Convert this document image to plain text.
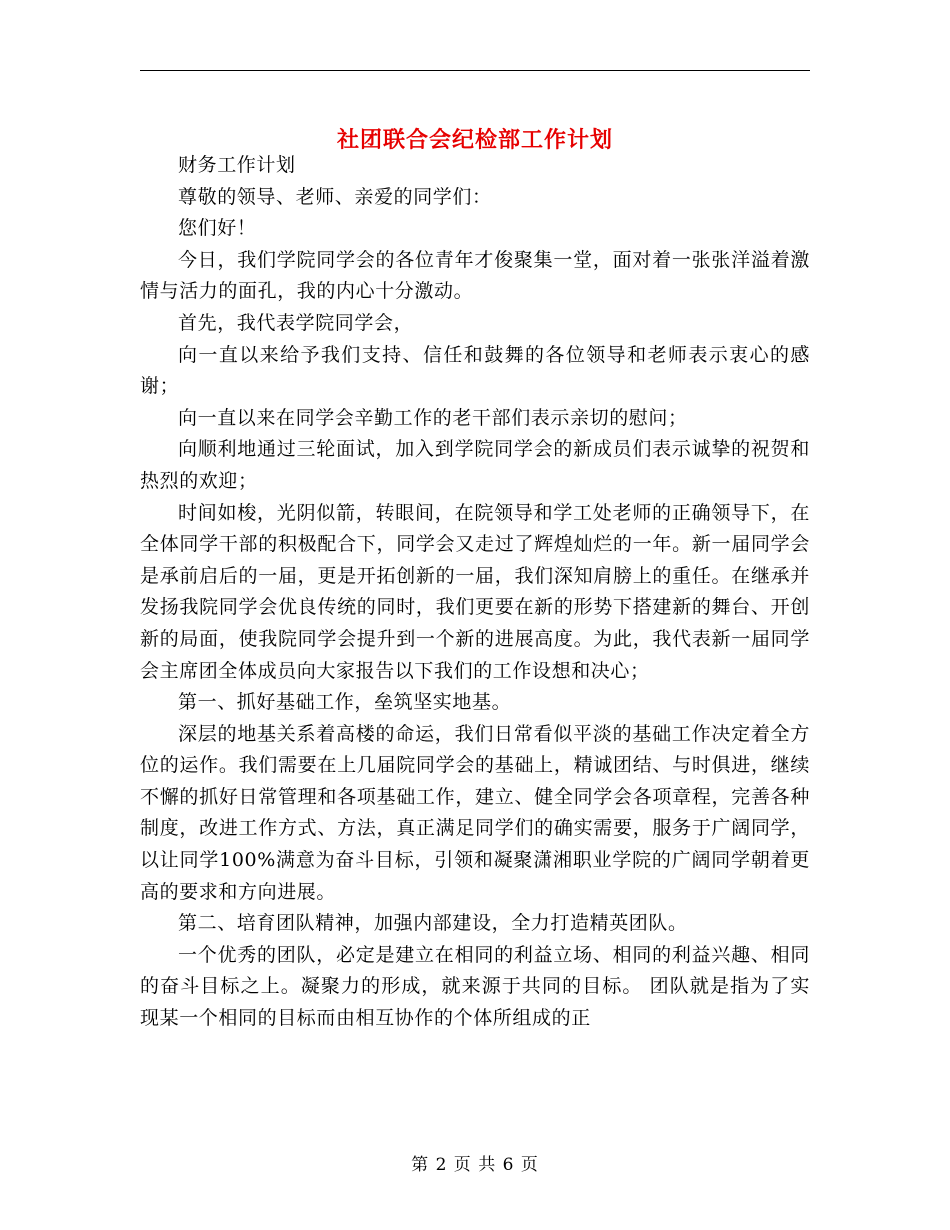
社团联合会纪检部工作计划

财务工作计划

尊敬的领导、老师、亲爱的同学们：

您们好！

今日，我们学院同学会的各位青年才俊聚集一堂，面对着一张张洋溢着激情与活力的面孔，我的内心十分激动。

首先，我代表学院同学会，

向一直以来给予我们支持、信任和鼓舞的各位领导和老师表示衷心的感谢；

向一直以来在同学会辛勤工作的老干部们表示亲切的慰问；

向顺利地通过三轮面试，加入到学院同学会的新成员们表示诚挚的祝贺和热烈的欢迎；

时间如梭，光阴似箭，转眼间，在院领导和学工处老师的正确领导下，在全体同学干部的积极配合下，同学会又走过了辉煌灿烂的一年。新一届同学会是承前启后的一届，更是开拓创新的一届，我们深知肩膀上的重任。在继承并发扬我院同学会优良传统的同时，我们更要在新的形势下搭建新的舞台、开创新的局面，使我院同学会提升到一个新的进展高度。为此，我代表新一届同学会主席团全体成员向大家报告以下我们的工作设想和决心；

第一、抓好基础工作，垒筑坚实地基。

深层的地基关系着高楼的命运，我们日常看似平淡的基础工作决定着全方位的运作。我们需要在上几届院同学会的基础上，精诚团结、与时俱进，继续不懈的抓好日常管理和各项基础工作，建立、健全同学会各项章程，完善各种制度，改进工作方式、方法，真正满足同学们的确实需要，服务于广阔同学，以让同学100%满意为奋斗目标，引领和凝聚潇湘职业学院的广阔同学朝着更高的要求和方向进展。

第二、培育团队精神，加强内部建设，全力打造精英团队。

一个优秀的团队，必定是建立在相同的利益立场、相同的利益兴趣、相同的奋斗目标之上。凝聚力的形成，就来源于共同的目标。 团队就是指为了实现某一个相同的目标而由相互协作的个体所组成的正

第 2 页 共 6 页
